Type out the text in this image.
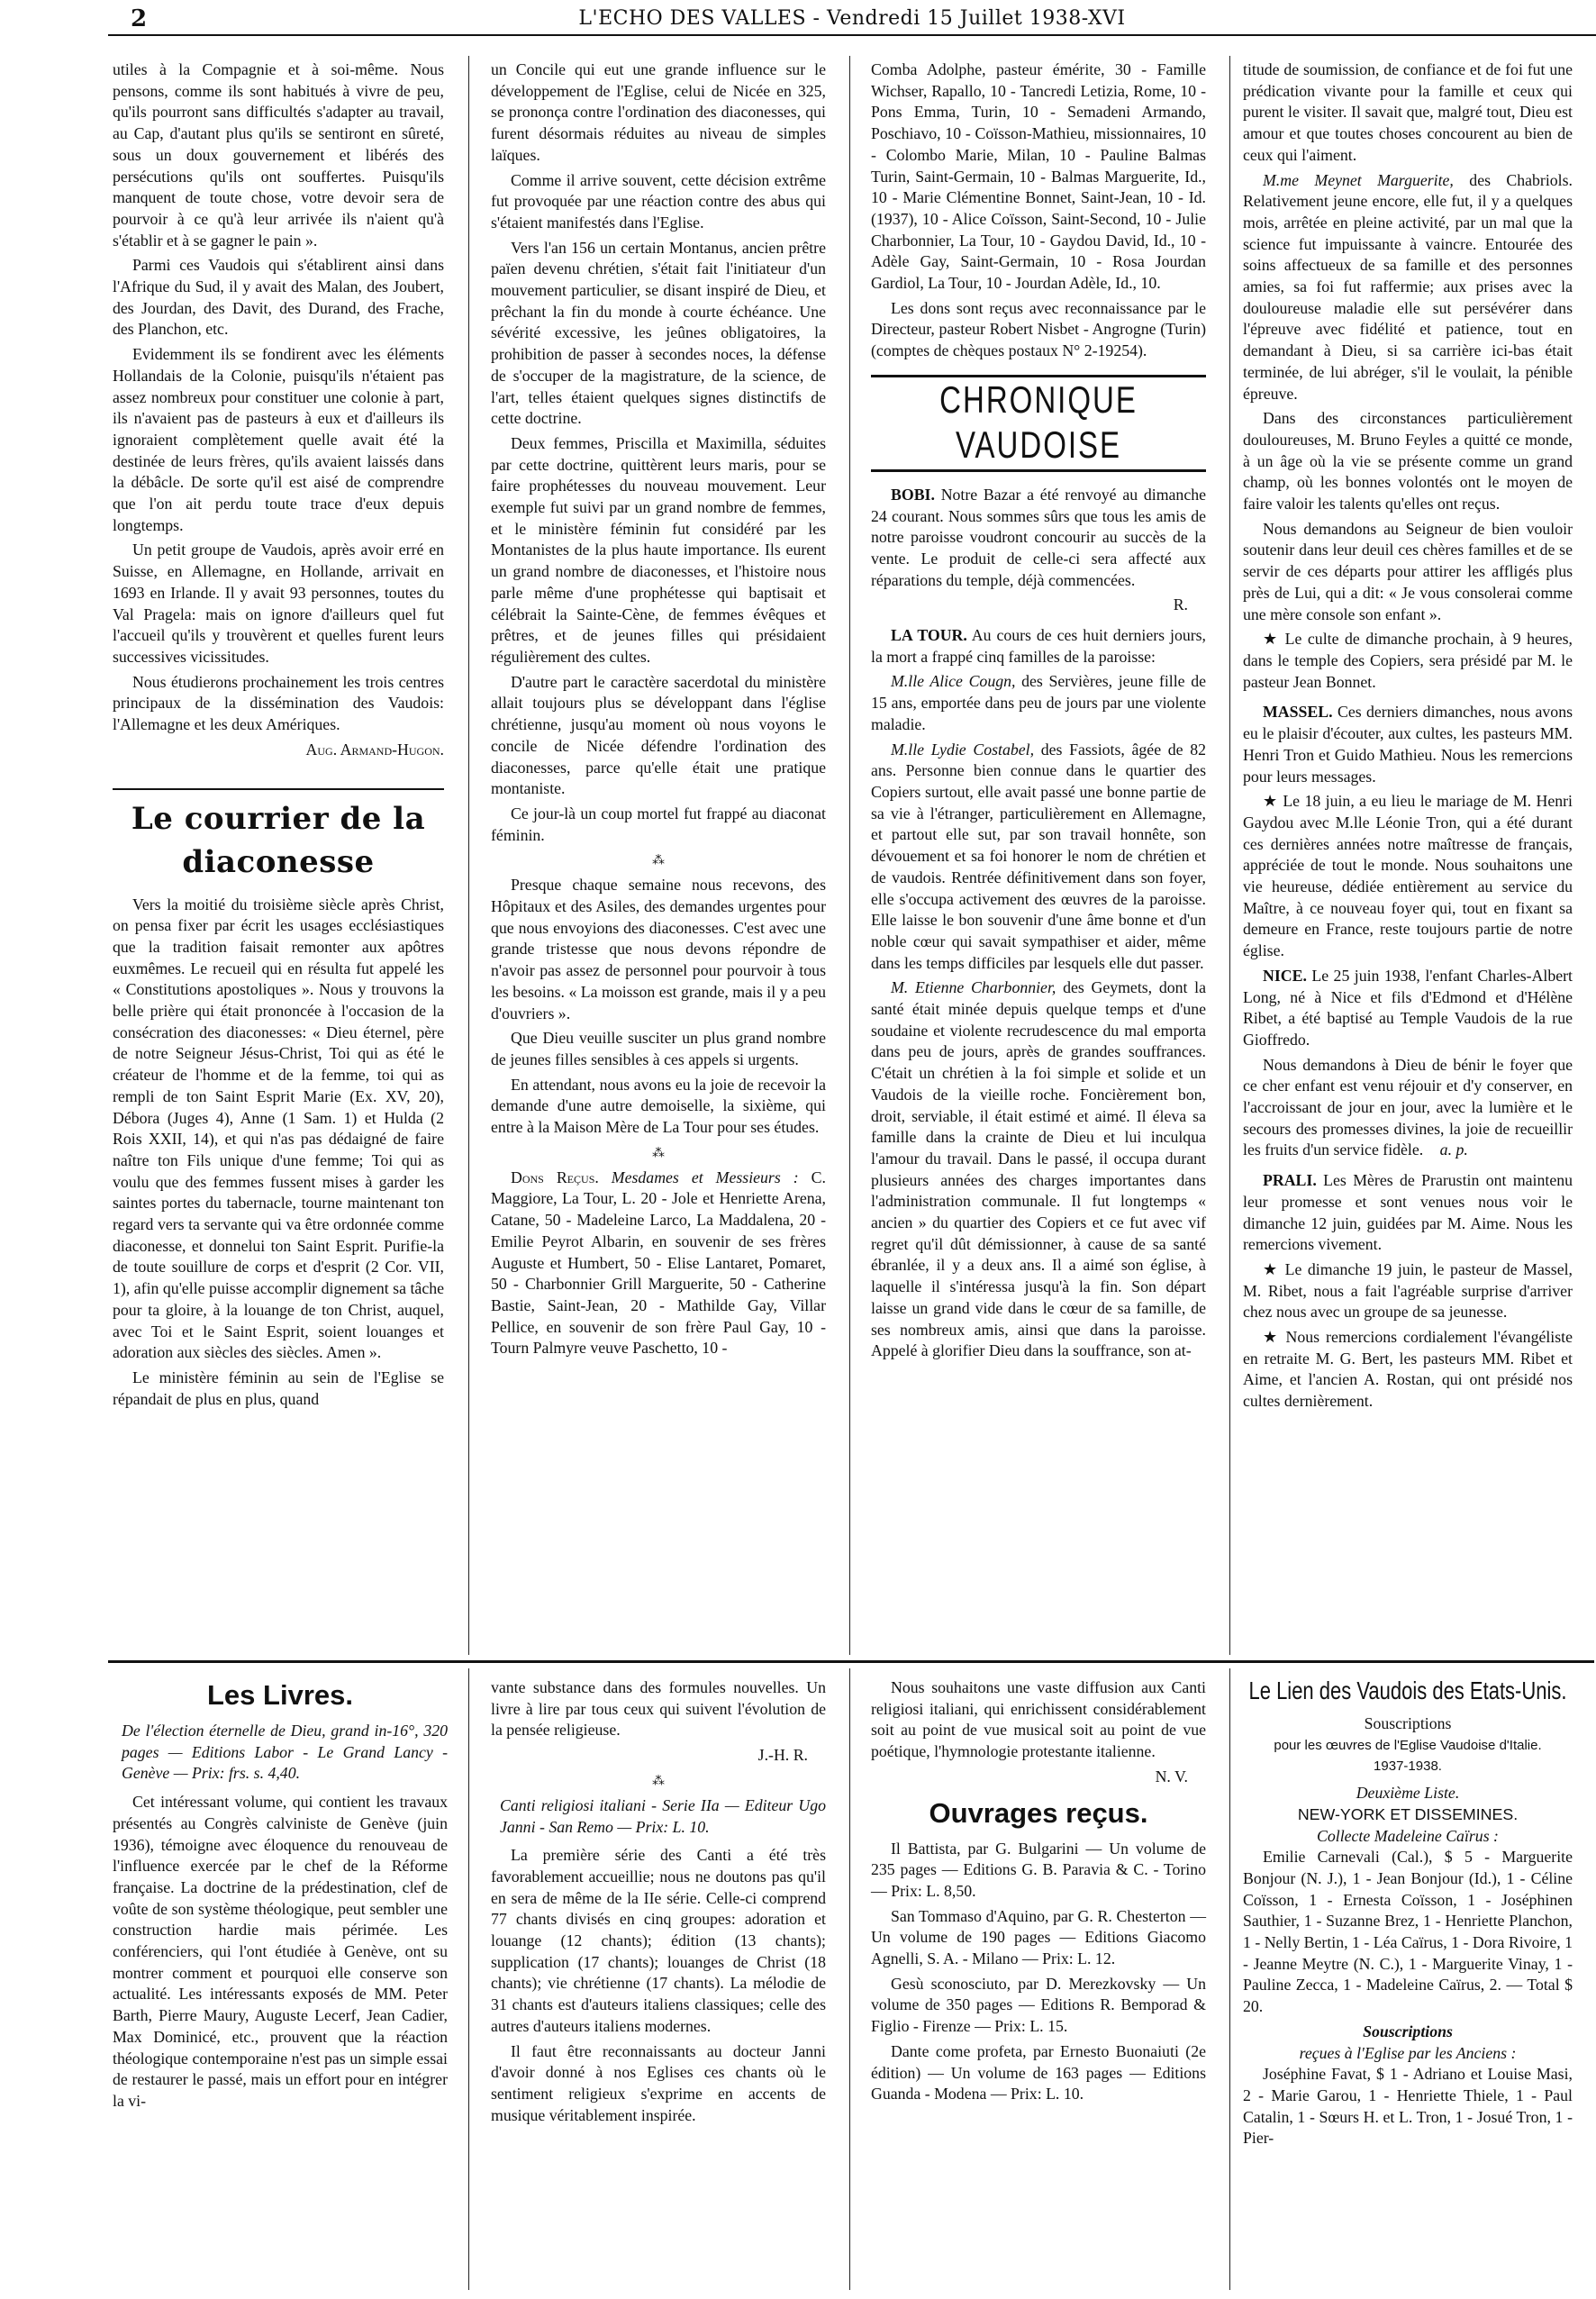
2	L'ECHO DES VALLES - Vendredi 15 Juillet 1938-XVI

utiles à la Compagnie et à soi-même. Nous pensons, comme ils sont habitués à vivre de peu, qu'ils pourront sans difficultés s'adapter au travail, au Cap, d'autant plus qu'ils se sentiront en sûreté, sous un doux gouvernement et libérés des persécutions qu'ils ont souffertes. Puisqu'ils manquent de toute chose, votre devoir sera de pourvoir à ce qu'à leur arrivée ils n'aient qu'à s'établir et à se gagner le pain ».

Parmi ces Vaudois qui s'établirent ainsi dans l'Afrique du Sud, il y avait des Malan, des Joubert, des Jourdan, des Davit, des Durand, des Frache, des Planchon, etc.

Evidemment ils se fondirent avec les éléments Hollandais de la Colonie, puisqu'ils n'étaient pas assez nombreux pour constituer une colonie à part, ils n'avaient pas de pasteurs à eux et d'ailleurs ils ignoraient complètement quelle avait été la destinée de leurs frères, qu'ils avaient laissés dans la débâcle. De sorte qu'il est aisé de comprendre que l'on ait perdu toute trace d'eux depuis longtemps.

Un petit groupe de Vaudois, après avoir erré en Suisse, en Allemagne, en Hollande, arrivait en 1693 en Irlande. Il y avait 93 personnes, toutes du Val Pragela: mais on ignore d'ailleurs quel fut l'accueil qu'ils y trouvèrent et quelles furent leurs successives vicissitudes.

Nous étudierons prochainement les trois centres principaux de la dissémination des Vaudois: l'Allemagne et les deux Amériques.

Aug. Armand-Hugon.
Le courrier de la diaconesse

Vers la moitié du troisième siècle après Christ, on pensa fixer par écrit les usages ecclésiastiques que la tradition faisait remonter aux apôtres euxmêmes. Le recueil qui en résulta fut appelé les « Constitutions apostoliques ». Nous y trouvons la belle prière qui était prononcée à l'occasion de la consécration des diaconesses: « Dieu éternel, père de notre Seigneur Jésus-Christ, Toi qui as été le créateur de l'homme et de la femme, toi qui as rempli de ton Saint Esprit Marie (Ex. XV, 20), Débora (Juges 4), Anne (1 Sam. 1) et Hulda (2 Rois XXII, 14), et qui n'as pas dédaigné de faire naître ton Fils unique d'une femme; Toi qui as voulu que des femmes fussent mises à garder les saintes portes du tabernacle, tourne maintenant ton regard vers ta servante qui va être ordonnée comme diaconesse, et donnelui ton Saint Esprit. Purifie-la de toute souillure de corps et d'esprit (2 Cor. VII, 1), afin qu'elle puisse accomplir dignement sa tâche pour ta gloire, à la louange de ton Christ, auquel, avec Toi et le Saint Esprit, soient louanges et adoration aux siècles des siècles. Amen ».

Le ministère féminin au sein de l'Eglise se répandait de plus en plus, quand

un Concile qui eut une grande influence sur le développement de l'Eglise, celui de Nicée en 325, se prononça contre l'ordination des diaconesses, qui furent désormais réduites au niveau de simples laïques.

Comme il arrive souvent, cette décision extrême fut provoquée par une réaction contre des abus qui s'étaient manifestés dans l'Eglise.

Vers l'an 156 un certain Montanus, ancien prêtre païen devenu chrétien, s'était fait l'initiateur d'un mouvement particulier, se disant inspiré de Dieu, et prêchant la fin du monde à courte échéance. Une sévérité excessive, les jeûnes obligatoires, la prohibition de passer à secondes noces, la défense de s'occuper de la magistrature, de la science, de l'art, telles étaient quelques signes distinctifs de cette doctrine.

Deux femmes, Priscilla et Maximilla, séduites par cette doctrine, quittèrent leurs maris, pour se faire prophétesses du nouveau mouvement. Leur exemple fut suivi par un grand nombre de femmes, et le ministère féminin fut considéré par les Montanistes de la plus haute importance. Ils eurent un grand nombre de diaconesses, et l'histoire nous parle même d'une prophétesse qui baptisait et célébrait la Sainte-Cène, de femmes évêques et prêtres, et de jeunes filles qui présidaient régulièrement des cultes.

D'autre part le caractère sacerdotal du ministère allait toujours plus se développant dans l'église chrétienne, jusqu'au moment où nous voyons le concile de Nicée défendre l'ordination des diaconesses, parce qu'elle était une pratique montaniste.

Ce jour-là un coup mortel fut frappé au diaconat féminin.

⁂

Presque chaque semaine nous recevons, des Hôpitaux et des Asiles, des demandes urgentes pour que nous envoyions des diaconesses. C'est avec une grande tristesse que nous devons répondre de n'avoir pas assez de personnel pour pourvoir à tous les besoins. « La moisson est grande, mais il y a peu d'ouvriers ».

Que Dieu veuille susciter un plus grand nombre de jeunes filles sensibles à ces appels si urgents.

En attendant, nous avons eu la joie de recevoir la demande d'une autre demoiselle, la sixième, qui entre à la Maison Mère de La Tour pour ses études.

⁂

Dons Reçus. Mesdames et Messieurs : C. Maggiore, La Tour, L. 20 - Jole et Henriette Arena, Catane, 50 - Madeleine Larco, La Maddalena, 20 - Emilie Peyrot Albarin, en souvenir de ses frères Auguste et Humbert, 50 - Elise Lantaret, Pomaret, 50 - Charbonnier Grill Marguerite, 50 - Catherine Bastie, Saint-Jean, 20 - Mathilde Gay, Villar Pellice, en souvenir de son frère Paul Gay, 10 - Tourn Palmyre veuve Paschetto, 10 -

Comba Adolphe, pasteur émérite, 30 - Famille Wichser, Rapallo, 10 - Tancredi Letizia, Rome, 10 - Pons Emma, Turin, 10 - Semadeni Armando, Poschiavo, 10 - Coïsson-Mathieu, missionnaires, 10 - Colombo Marie, Milan, 10 - Pauline Balmas Turin, Saint-Germain, 10 - Balmas Marguerite, Id., 10 - Marie Clémentine Bonnet, Saint-Jean, 10 - Id. (1937), 10 - Alice Coïsson, Saint-Second, 10 - Julie Charbonnier, La Tour, 10 - Gaydou David, Id., 10 - Adèle Gay, Saint-Germain, 10 - Rosa Jourdan Gardiol, La Tour, 10 - Jourdan Adèle, Id., 10.

Les dons sont reçus avec reconnaissance par le Directeur, pasteur Robert Nisbet - Angrogne (Turin) (comptes de chèques postaux N° 2-19254).

CHRONIQUE VAUDOISE

BOBI. Notre Bazar a été renvoyé au dimanche 24 courant. Nous sommes sûrs que tous les amis de notre paroisse voudront concourir au succès de la vente. Le produit de celle-ci sera affecté aux réparations du temple, déjà commencées.

R.

LA TOUR. Au cours de ces huit derniers jours, la mort a frappé cinq familles de la paroisse:

M.lle Alice Cougn, des Servières, jeune fille de 15 ans, emportée dans peu de jours par une violente maladie.

M.lle Lydie Costabel, des Fassiots, âgée de 82 ans. Personne bien connue dans le quartier des Copiers surtout, elle avait passé une bonne partie de sa vie à l'étranger, particulièrement en Allemagne, et partout elle sut, par son travail honnête, son dévouement et sa foi honorer le nom de chrétien et de vaudois. Rentrée définitivement dans son foyer, elle s'occupa activement des œuvres de la paroisse. Elle laisse le bon souvenir d'une âme bonne et d'un noble cœur qui savait sympathiser et aider, même dans les temps difficiles par lesquels elle dut passer.

M. Etienne Charbonnier, des Geymets, dont la santé était minée depuis quelque temps et d'une soudaine et violente recrudescence du mal emporta dans peu de jours, après de grandes souffrances. C'était un chrétien à la foi simple et solide et un Vaudois de la vieille roche. Foncièrement bon, droit, serviable, il était estimé et aimé. Il éleva sa famille dans la crainte de Dieu et lui inculqua l'amour du travail. Dans le passé, il occupa durant plusieurs années des charges importantes dans l'administration communale. Il fut longtemps « ancien » du quartier des Copiers et ce fut avec vif regret qu'il dût démissionner, à cause de sa santé ébranlée, il y a deux ans. Il a aimé son église, à laquelle il s'intéressa jusqu'à la fin. Son départ laisse un grand vide dans le cœur de sa famille, de ses nombreux amis, ainsi que dans la paroisse. Appelé à glorifier Dieu dans la souffrance, son at-

titude de soumission, de confiance et de foi fut une prédication vivante pour la famille et ceux qui purent le visiter. Il savait que, malgré tout, Dieu est amour et que toutes choses concourent au bien de ceux qui l'aiment.

M.me Meynet Marguerite, des Chabriols. Relativement jeune encore, elle fut, il y a quelques mois, arrêtée en pleine activité, par un mal que la science fut impuissante à vaincre. Entourée des soins affectueux de sa famille et des personnes amies, sa foi fut raffermie; aux prises avec la douloureuse maladie elle sut persévérer dans l'épreuve avec fidélité et patience, tout en demandant à Dieu, si sa carrière ici-bas était terminée, de lui abréger, s'il le voulait, la pénible épreuve.

Dans des circonstances particulièrement douloureuses, M. Bruno Feyles a quitté ce monde, à un âge où la vie se présente comme un grand champ, où les bonnes volontés ont le moyen de faire valoir les talents qu'elles ont reçus.

Nous demandons au Seigneur de bien vouloir soutenir dans leur deuil ces chères familles et de se servir de ces départs pour attirer les affligés plus près de Lui, qui a dit: « Je vous consolerai comme une mère console son enfant ».

★ Le culte de dimanche prochain, à 9 heures, dans le temple des Copiers, sera présidé par M. le pasteur Jean Bonnet.

MASSEL. Ces derniers dimanches, nous avons eu le plaisir d'écouter, aux cultes, les pasteurs MM. Henri Tron et Guido Mathieu. Nous les remercions pour leurs messages.

★ Le 18 juin, a eu lieu le mariage de M. Henri Gaydou avec M.lle Léonie Tron, qui a été durant ces dernières années notre maîtresse de français, appréciée de tout le monde. Nous souhaitons une vie heureuse, dédiée entièrement au service du Maître, à ce nouveau foyer qui, tout en fixant sa demeure en France, reste toujours partie de notre église.

NICE. Le 25 juin 1938, l'enfant Charles-Albert Long, né à Nice et fils d'Edmond et d'Hélène Ribet, a été baptisé au Temple Vaudois de la rue Gioffredo.

Nous demandons à Dieu de bénir le foyer que ce cher enfant est venu réjouir et d'y conserver, en l'accroissant de jour en jour, avec la lumière et le secours des promesses divines, la joie de recueillir les fruits d'un service fidèle. a. p.

PRALI. Les Mères de Prarustin ont maintenu leur promesse et sont venues nous voir le dimanche 12 juin, guidées par M. Aime. Nous les remercions vivement.

★ Le dimanche 19 juin, le pasteur de Massel, M. Ribet, nous a fait l'agréable surprise d'arriver chez nous avec un groupe de sa jeunesse.

★ Nous remercions cordialement l'évangéliste en retraite M. G. Bert, les pasteurs MM. Ribet et Aime, et l'ancien A. Rostan, qui ont présidé nos cultes dernièrement.

Les Livres.

De l'élection éternelle de Dieu, grand in-16°, 320 pages — Editions Labor - Le Grand Lancy - Genève — Prix: frs. s. 4,40.

Cet intéressant volume, qui contient les travaux présentés au Congrès calviniste de Genève (juin 1936), témoigne avec éloquence du renouveau de l'influence exercée par le chef de la Réforme française. La doctrine de la prédestination, clef de voûte de son système théologique, peut sembler une construction hardie mais périmée. Les conférenciers, qui l'ont étudiée à Genève, ont su montrer comment et pourquoi elle conserve son actualité. Les intéressants exposés de MM. Peter Barth, Pierre Maury, Auguste Lecerf, Jean Cadier, Max Dominicé, etc., prouvent que la réaction théologique contemporaine n'est pas un simple essai de restaurer le passé, mais un effort pour en intégrer la vi-

vante substance dans des formules nouvelles. Un livre à lire par tous ceux qui suivent l'évolution de la pensée religieuse.

J.-H. R.
⁂

Canti religiosi italiani - Serie IIa — Editeur Ugo Janni - San Remo — Prix: L. 10.

La première série des Canti a été très favorablement accueillie; nous ne doutons pas qu'il en sera de même de la IIe série. Celle-ci comprend 77 chants divisés en cinq groupes: adoration et louange (12 chants); édition (13 chants); supplication (17 chants); louanges de Christ (18 chants); vie chrétienne (17 chants). La mélodie de 31 chants est d'auteurs italiens classiques; celle des autres d'auteurs italiens modernes.

Il faut être reconnaissants au docteur Janni d'avoir donné à nos Eglises ces chants où le sentiment religieux s'exprime en accents de musique véritablement inspirée.

Nous souhaitons une vaste diffusion aux Canti religiosi italiani, qui enrichissent considérablement soit au point de vue musical soit au point de vue poétique, l'hymnologie protestante italienne.

N. V.
Ouvrages reçus.

Il Battista, par G. Bulgarini — Un volume de 235 pages — Editions G. B. Paravia & C. - Torino — Prix: L. 8,50.

San Tommaso d'Aquino, par G. R. Chesterton — Un volume de 190 pages — Editions Giacomo Agnelli, S. A. - Milano — Prix: L. 12.

Gesù sconosciuto, par D. Merezkovsky — Un volume de 350 pages — Editions R. Bemporad & Figlio - Firenze — Prix: L. 15.

Dante come profeta, par Ernesto Buonaiuti (2e édition) — Un volume de 163 pages — Editions Guanda - Modena — Prix: L. 10.

Le Lien des Vaudois des Etats-Unis.
Souscriptions
pour les œuvres de l'Eglise Vaudoise d'Italie.
1937-1938.
Deuxième Liste.
NEW-YORK ET DISSEMINES.
Collecte Madeleine Caïrus :

Emilie Carnevali (Cal.), $ 5 - Marguerite Bonjour (N. J.), 1 - Jean Bonjour (Id.), 1 - Céline Coïsson, 1 - Ernesta Coïsson, 1 - Joséphinen Sauthier, 1 - Suzanne Brez, 1 - Henriette Planchon, 1 - Nelly Bertin, 1 - Léa Caïrus, 1 - Dora Rivoire, 1 - Jeanne Meytre (N. C.), 1 - Marguerite Vinay, 1 - Pauline Zecca, 1 - Madeleine Caïrus, 2. — Total $ 20.

Souscriptions
reçues à l'Eglise par les Anciens :

Joséphine Favat, $ 1 - Adriano et Louise Masi, 2 - Marie Garou, 1 - Henriette Thiele, 1 - Paul Catalin, 1 - Sœurs H. et L. Tron, 1 - Josué Tron, 1 - Pier-
